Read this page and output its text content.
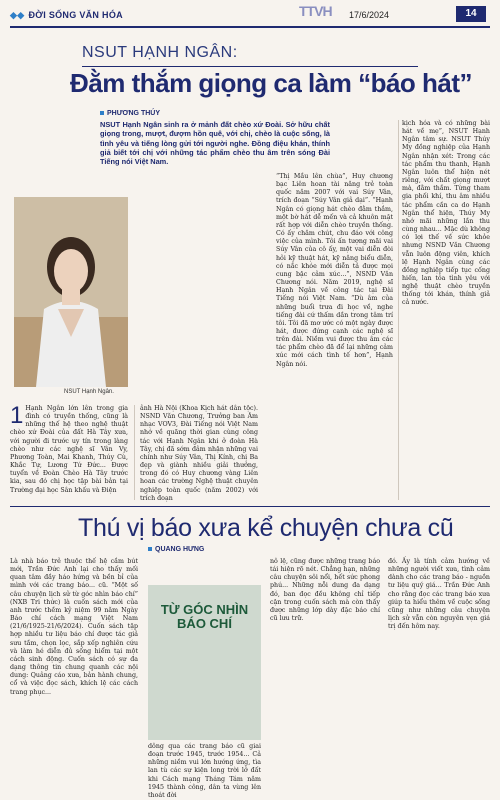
◆◆ ĐỜI SỐNG VĂN HÓA	TTVH 17/6/2024	14
NSUT HẠNH NGÂN:
Đằm thắm giọng ca làm “báo hát”
PHƯƠNG THÚY
NSUT Hạnh Ngân sinh ra ở mảnh đất chèo xứ Đoài. Sở hữu chất giọng trong, mượt, đượm hồn quê, với chị, chèo là cuộc sống, là tình yêu và tiếng lòng gửi tới người nghe. Đồng điệu khán, thính giả biết tới chị với những tác phẩm chèo thu âm trên sóng Đài Tiếng nói Việt Nam.
NSUT Hạnh Ngân.
1 Hạnh Ngân lớn lên trong gia đình có truyền thống, cũng là những thế hệ theo nghệ thuật chèo xứ Đoài của đất Hà Tây xưa, với người đi trước uy tín trong làng chèo như các nghệ sĩ Vân Vy, Phương Toàn, Mai Khanh, Thúy Cù, Khắc Tự, Lương Tứ Đức... Được tuyển về Đoàn Chèo Hà Tây trước kia, sau đó chị học tập bài bản tại Trường đại học Sân khấu và Điện
ảnh Hà Nội (Khoa Kịch hát dân tộc). NSND Văn Chương, Trưởng ban Âm nhạc VOV3, Đài Tiếng nói Việt Nam nhớ về quãng thời gian cùng công tác với Hạnh Ngân khi ở đoàn Hà Tây, chị đã sớm đảm nhận những vai chính như Súy Vân, Thị Kính, chị Ba đẹp và giành nhiều giải thưởng, trong đó có Huy chương vàng Liên hoan các trường Nghệ thuật chuyên nghiệp toàn quốc (năm 2002) với trích đoạn
“Thị Mầu lên chùa”, Huy chương bạc Liên hoan tài năng trẻ toàn quốc năm 2007 với vai Súy Vân, trích đoạn “Súy Vân giả dại”. “Hạnh Ngân có giọng hát chèo đằm thắm, một bờ hát dễ mến và cả khuôn mặt rất hợp với diễn chèo truyền thống. Có ấy chăm chút, chu đáo với công việc của mình. Tôi ấn tượng mãi vai Súy Vân của cô ấy, một vai diễn đòi hỏi kỹ thuật hát, kỹ năng biểu diễn, có nắc khóe mới diễn tả được mọi cung bậc cảm xúc...”, NSND Văn Chương nói. Năm 2019, nghệ sĩ Hạnh Ngân về công tác tại Đài Tiếng nói Việt Nam. “Dù âm của những buổi trưa đi học về, nghe tiếng đài cứ thấm dần trong tâm trí tôi. Tôi đã mơ ước có một ngày được hát, được đứng cạnh các nghệ sĩ trên đài. Niềm vui được thu âm các tác phẩm chèo đã để lại những cảm xúc mới cách tình tế hơn”, Hạnh Ngân nói.
kịch hóa và có những bài hát về mẹ”, NSUT Hạnh Ngân tâm sự. NSUT Thúy My đồng nghiệp của Hạnh Ngân nhận xét: Trong các tác phẩm thu thanh, Hạnh Ngân luôn thể hiện nét riêng, với chất giọng mượt mà, đằm thắm. Từng tham gia phối khí, thu âm nhiều tác phẩm cần ca do Hạnh Ngân thể hiện, Thúy My nhớ mãi những lần thu cùng nhau... Mặc dù không có lợi thế về sức khỏe nhưng NSND Văn Chương vẫn luôn động viên, khích lệ Hạnh Ngân cùng các đồng nghiệp tiếp tục cống hiến, lan tỏa tình yêu với nghệ thuật chèo truyền thống tới khán, thính giả cả nước.
Thú vị báo xưa kể chuyện chưa cũ
QUANG HƯNG
Là nhà báo trẻ thuộc thế hệ cầm bút mới, Trần Đức Anh lại cho thấy mối quan tâm đầy háo hứng và bền bỉ của mình với các trang báo... cũ. “Một số câu chuyện lịch sử từ góc nhìn báo chí” (NXB Tri thức) là cuốn sách mới của anh trước thềm kỷ niệm 99 năm Ngày Báo chí cách mạng Việt Nam (21/6/1925-21/6/2024). Cuốn sách tập hợp nhiều tư liệu báo chí được tác giả sưu tầm, chọn lọc, sắp xếp nghiên cứu và làm hé diễn đủ sống hiểm tại một cách sinh động. Cuốn sách có sự đa dạng thông tin chung quanh các nội dung: Quảng cáo xưa, bản hành chung, cổ và việc đọc sách, khích lệ các cách trang phục...
TỪ GÓC NHÌN BÁO CHÍ
dông qua các trang báo cũ giai đoạn trước 1945, trước 1954... Cả những niềm vui lớn hướng ứng, tìa lan tù các sự kiện long trời lở đất khi Cách mạng Tháng Tám năm 1945 thành công, dân ta vùng lên thoát đời
nô lệ, cũng được những trang báo tái hiện rõ nét. Chẳng hạn, những câu chuyện sôi nổi, hết sức phong phú... Những nỗi dung đa dạng đó, ban đọc đều không chỉ tiếp cận trong cuốn sách mà còn thấy được những lớp dày đặc báo chí cũ lưu trữ.
đó. Ấy là tính cảm hướng về những người viết xưa, tình cảm dành cho các trang báo - nguồn tư liệu quý giá... Trần Đức Anh cho rằng đọc các trang báo xưa giúp ta hiểu thêm về cuộc sống cũng như những câu chuyện lịch sử vẫn còn nguyên vẹn giá trị đến hôm nay.
